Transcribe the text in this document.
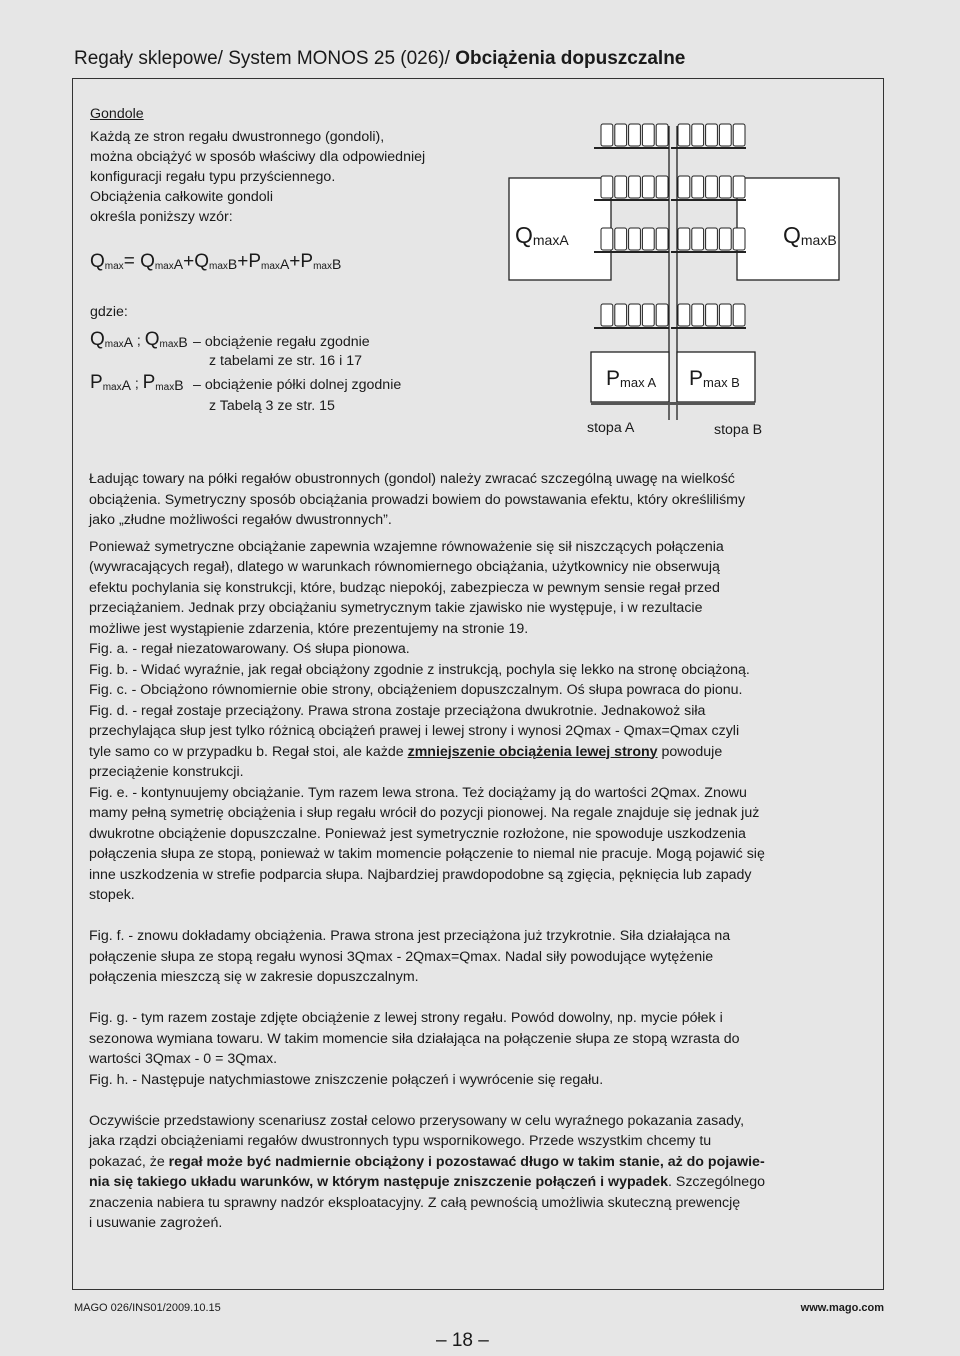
Regały sklepowe/ System MONOS 25 (026)/ Obciążenia dopuszczalne
Gondole
Każdą ze stron regału dwustronnego (gondoli),
można obciążyć w sposób właściwy dla odpowiedniej
konfiguracji regału typu przyściennego.
Obciążenia całkowite gondoli
określa poniższy wzór:
$Q_{max}= Q_{maxA}+Q_{maxB}+P_{maxA}+P_{maxB}$
gdzie:
$Q_{maxA}$ ; $Q_{maxB}$ – obciążenie regału zgodnie
z tabelami ze str. 16 i 17
$P_{maxA}$ ; $P_{maxB}$ – obciążenie półki dolnej zgodnie
z Tabelą 3 ze str. 15
$Q_{maxA}$	$Q_{maxB}$
$P_{max A}$ $P_{max B}$
stopa A	stopa B

Ładując towary na półki regałów obustronnych (gondol) należy zwracać szczególną uwagę na wielkość

obciążenia. Symetryczny sposób obciążania prowadzi bowiem do powstawania efektu, który określiliśmy

jako „złudne możliwości regałów dwustronnych”.

Ponieważ symetryczne obciążanie zapewnia wzajemne równoważenie się sił niszczących połączenia

(wywracających regał), dlatego w warunkach równomiernego obciążania, użytkownicy nie obserwują

efektu pochylania się konstrukcji, które, budząc niepokój, zabezpiecza w pewnym sensie regał przed

przeciążaniem. Jednak przy obciążaniu symetrycznym takie zjawisko nie występuje, i w rezultacie

możliwe jest wystąpienie zdarzenia, które prezentujemy na stronie 19.

Fig. a. - regał niezatowarowany. Oś słupa pionowa.

Fig. b. - Widać wyraźnie, jak regał obciążony zgodnie z instrukcją, pochyla się lekko na stronę obciążoną.

Fig. c. - Obciążono równomiernie obie strony, obciążeniem dopuszczalnym. Oś słupa powraca do pionu.

Fig. d. - regał zostaje przeciążony. Prawa strona zostaje przeciążona dwukrotnie. Jednakowoż siła

przechylająca słup jest tylko różnicą obciążeń prawej i lewej strony i wynosi 2Qmax - Qmax=Qmax czyli

tyle samo co w przypadku b. Regał stoi, ale każde zmniejszenie obciążenia lewej strony powoduje

przeciążenie konstrukcji.

Fig. e. - kontynuujemy obciążanie. Tym razem lewa strona. Też dociążamy ją do wartości 2Qmax. Znowu

mamy pełną symetrię obciążenia i słup regału wrócił do pozycji pionowej. Na regale znajduje się jednak już

dwukrotne obciążenie dopuszczalne. Ponieważ jest symetrycznie rozłożone, nie spowoduje uszkodzenia

połączenia słupa ze stopą, ponieważ w takim momencie połączenie to niemal nie pracuje. Mogą pojawić się

inne uszkodzenia w strefie podparcia słupa. Najbardziej prawdopodobne są zgięcia, pęknięcia lub zapady

stopek.

Fig. f. - znowu dokładamy obciążenia. Prawa strona jest przeciążona już trzykrotnie. Siła działająca na

połączenie słupa ze stopą regału wynosi 3Qmax - 2Qmax=Qmax. Nadal siły powodujące wytężenie

połączenia mieszczą się w zakresie dopuszczalnym.

Fig. g. - tym razem zostaje zdjęte obciążenie z lewej strony regału. Powód dowolny, np. mycie półek i

sezonowa wymiana towaru. W takim momencie siła działająca na połączenie słupa ze stopą wzrasta do

wartości 3Qmax - 0 = 3Qmax.

Fig. h. - Następuje natychmiastowe zniszczenie połączeń i wywrócenie się regału.

Oczywiście przedstawiony scenariusz został celowo przerysowany w celu wyraźnego pokazania zasady,

jaka rządzi obciążeniami regałów dwustronnych typu wspornikowego. Przede wszystkim chcemy tu

pokazać, że regał może być nadmiernie obciążony i pozostawać długo w takim stanie, aż do pojawie-

nia się takiego układu warunków, w którym następuje zniszczenie połączeń i wypadek. Szczególnego

znaczenia nabiera tu sprawny nadzór eksploatacyjny. Z całą pewnością umożliwia skuteczną prewencję

i usuwanie zagrożeń.

MAGO 026/INS01/2009.10.15	www.mago.com
– 18 –
